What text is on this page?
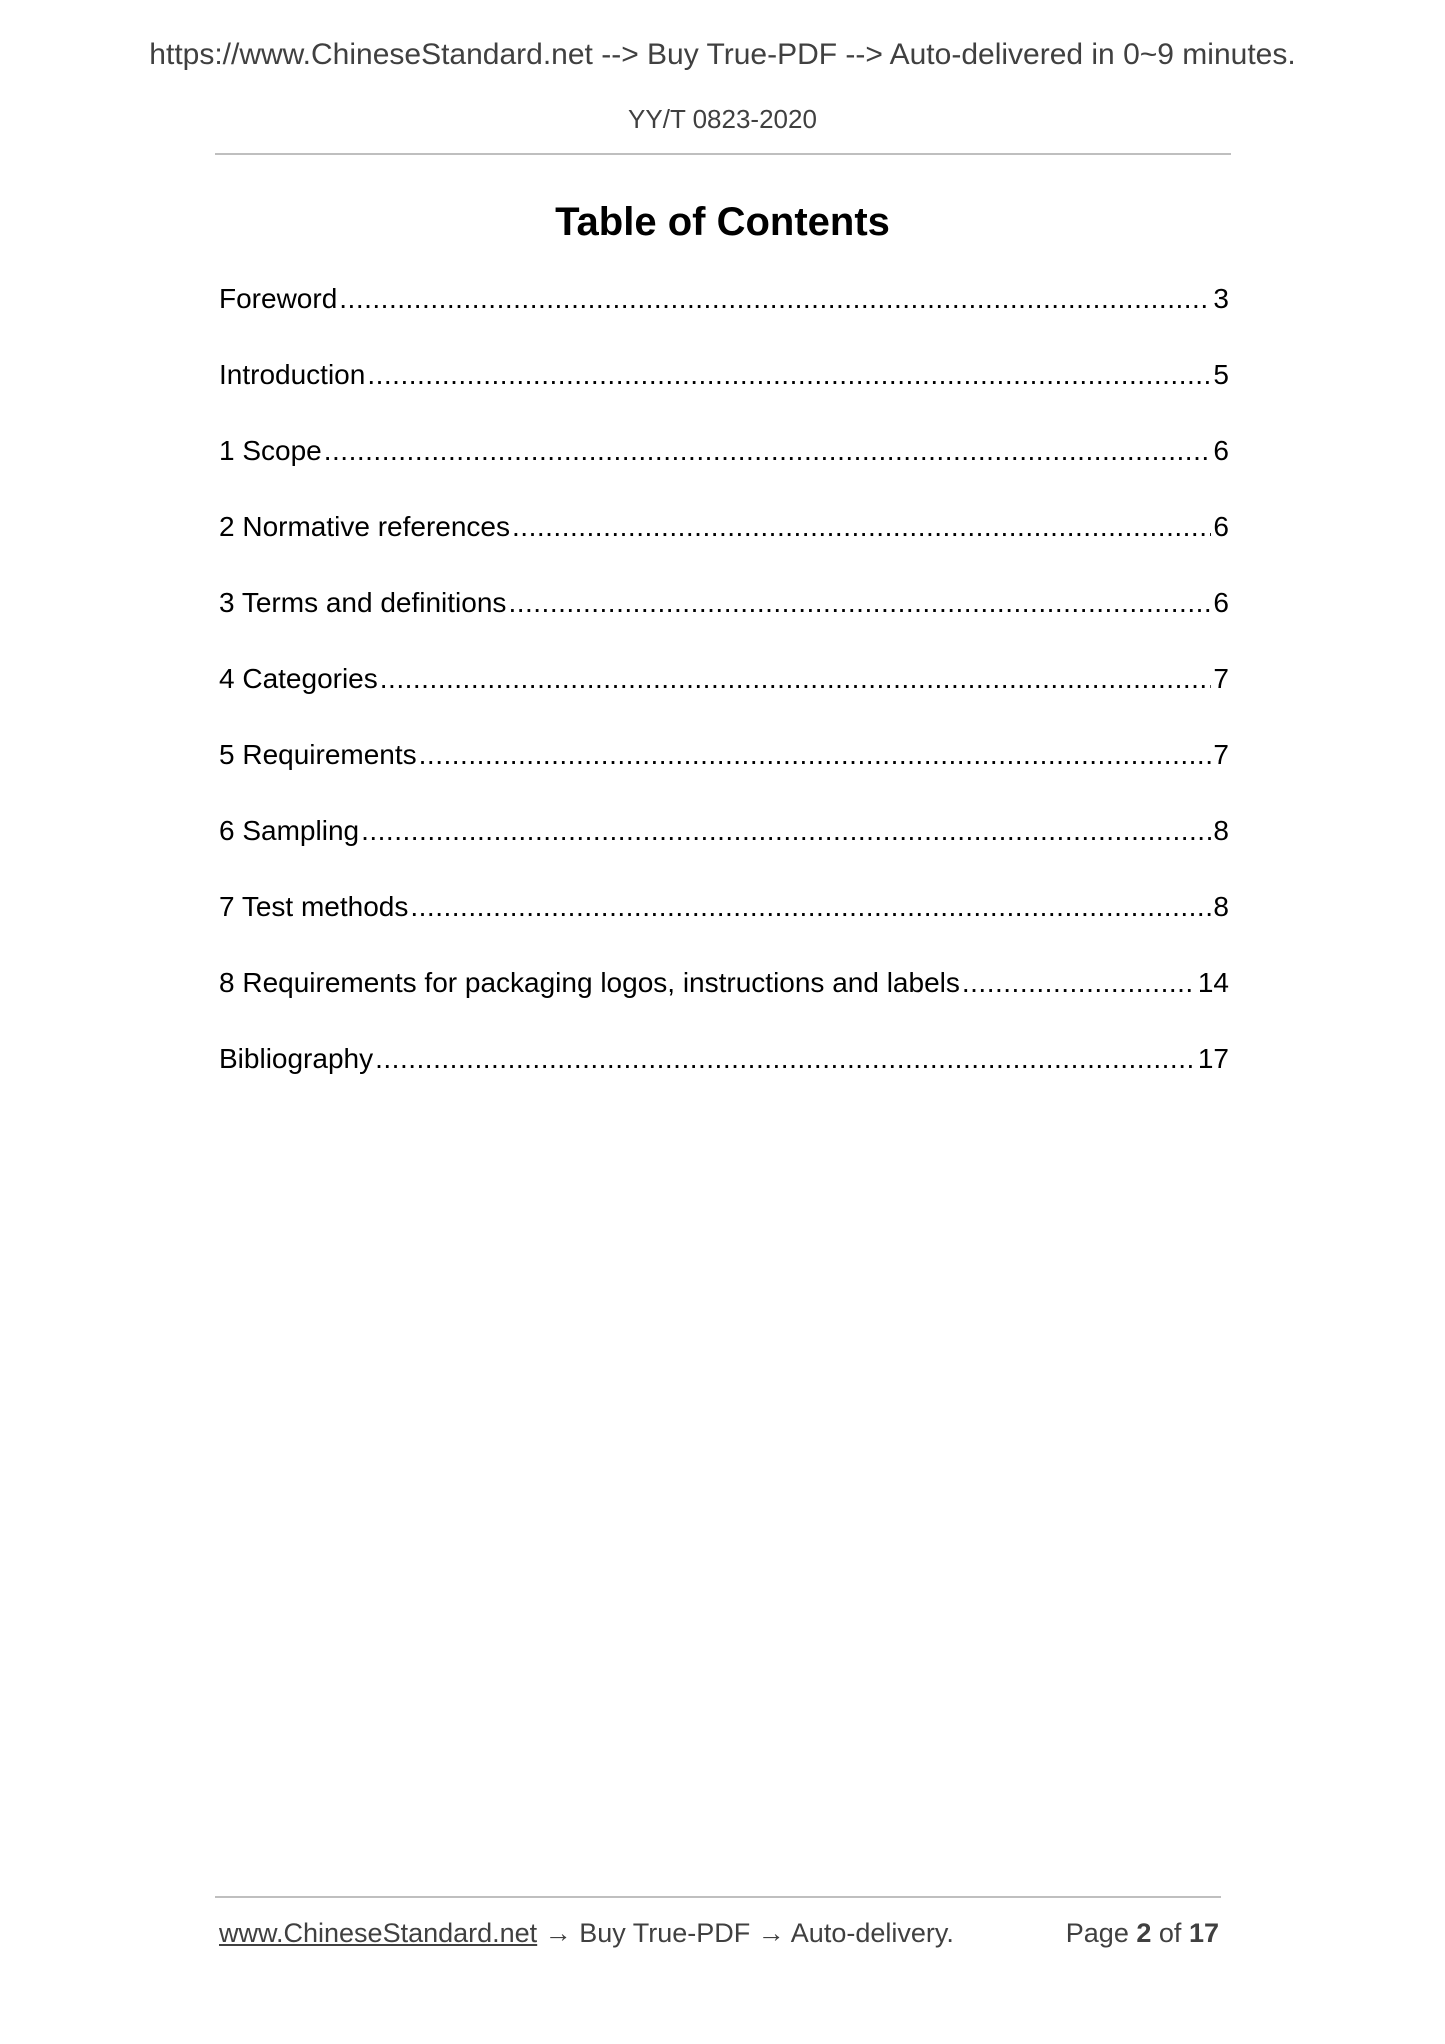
https://www.ChineseStandard.net --> Buy True-PDF --> Auto-delivered in 0~9 minutes.
YY/T 0823-2020
Table of Contents
Foreword .....	3
Introduction .....	5
1 Scope .....	6
2 Normative references .....	6
3 Terms and definitions .....	6
4 Categories .....	7
5 Requirements .....	7
6 Sampling .....	8
7 Test methods .....	8
8 Requirements for packaging logos, instructions and labels .....	14
Bibliography .....	17
www.ChineseStandard.net → Buy True-PDF → Auto-delivery.	Page 2 of 17
